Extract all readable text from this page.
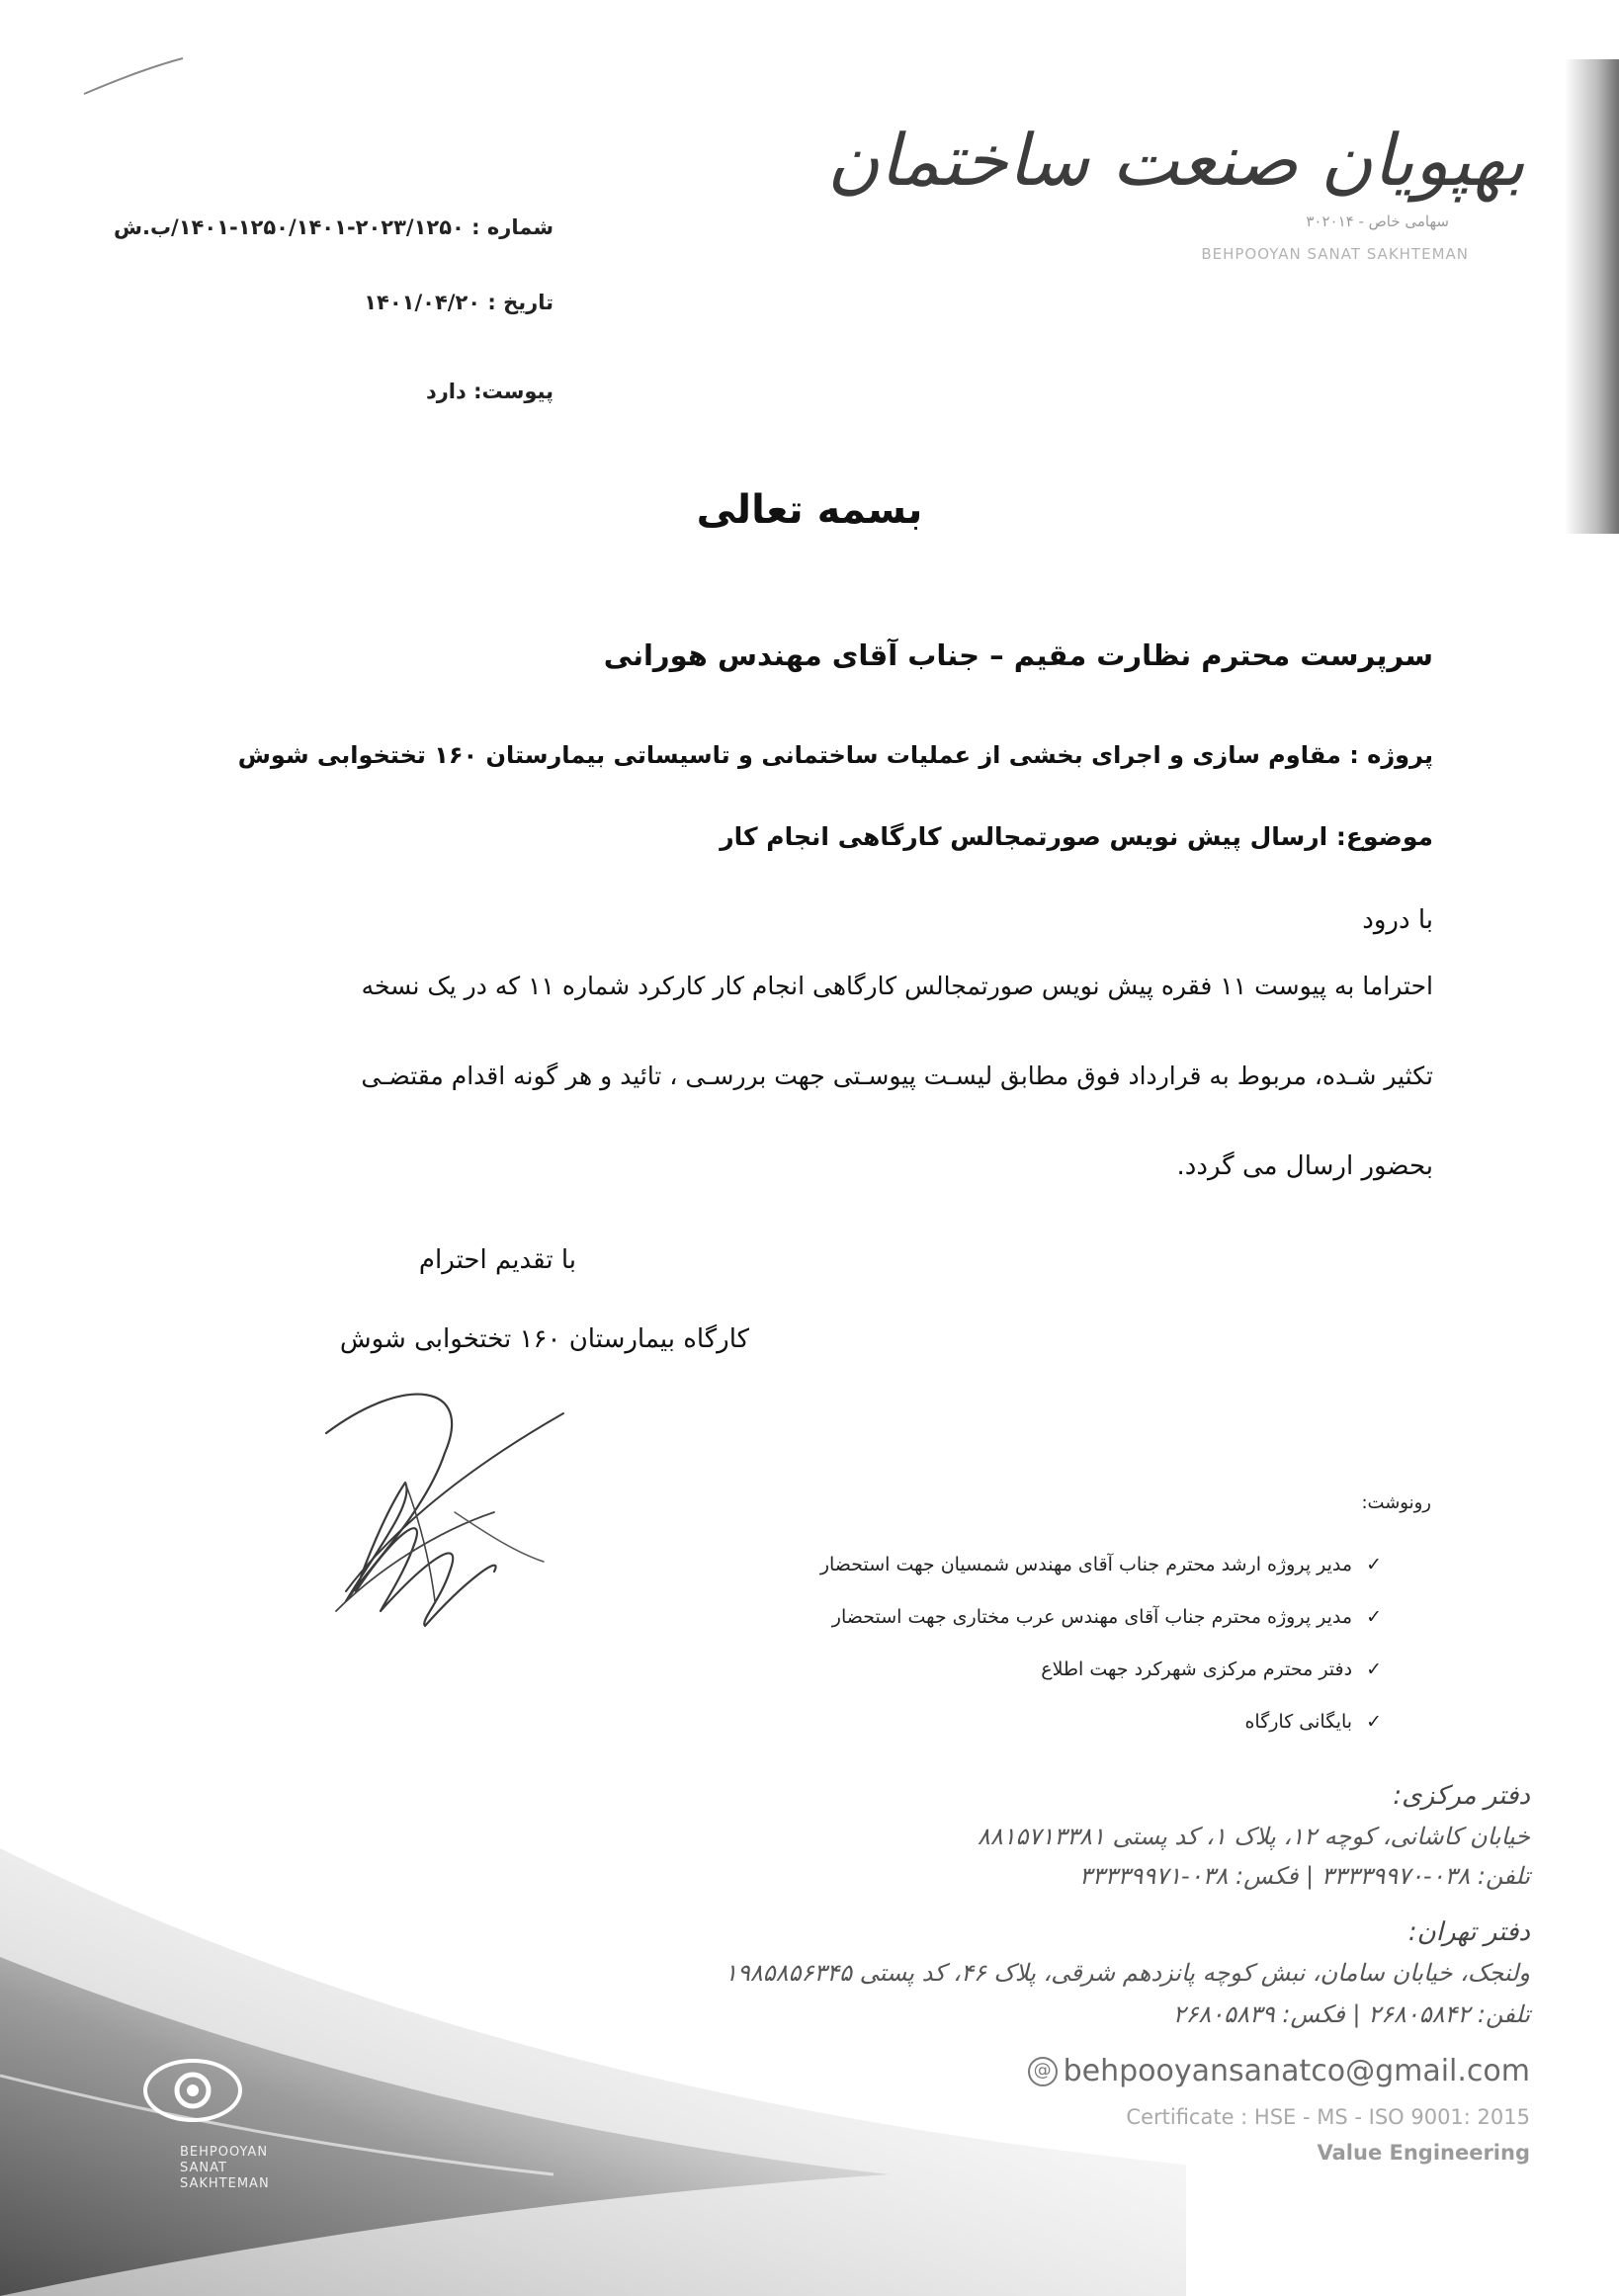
بهپویان صنعت ساختمان
سهامی خاص - ۳۰۲۰۱۴
BEHPOOYAN SANAT SAKHTEMAN
شماره : ۲۰۲۳/۱۲۵۰-۱۲۵۰/۱۴۰۱-۱۴۰۱/ب.ش
تاریخ : ۱۴۰۱/۰۴/۲۰
پیوست: دارد
بسمه تعالی
سرپرست محترم نظارت مقیم – جناب آقای مهندس هورانی
پروژه : مقاوم سازی و اجرای بخشی از عملیات ساختمانی و تاسیساتی بیمارستان ۱۶۰ تختخوابی شوش
موضوع: ارسال پیش نویس صورتمجالس کارگاهی انجام کار
با درود
احتراما به پیوست ۱۱ فقره پیش نویس صورتمجالس کارگاهی انجام کار کارکرد شماره ۱۱ که در یک نسخه
تکثیر شـده، مربوط به قرارداد فوق مطابق لیسـت پیوسـتی جهت بررسـی ، تائید و هر گونه اقدام مقتضـی
بحضور ارسال می گردد.
با تقدیم احترام
کارگاه بیمارستان ۱۶۰ تختخوابی شوش
رونوشت:
✓مدیر پروژه ارشد محترم جناب آقای مهندس شمسیان جهت استحضار
✓مدیر پروژه محترم جناب آقای مهندس عرب مختاری جهت استحضار
✓دفتر محترم مرکزی شهرکرد جهت اطلاع
✓بایگانی کارگاه
BEHPOOYAN
SANAT
SAKHTEMAN
دفتر مرکزی:
خیابان کاشانی، کوچه ۱۲، پلاک ۱، کد پستی ۸۸۱۵۷۱۳۳۸۱
تلفن: ۰۳۸-۳۳۳۳۹۹۷۰ | فکس: ۰۳۸-۳۳۳۳۹۹۷۱
دفتر تهران:
ولنجک، خیابان سامان، نبش کوچه پانزدهم شرقی، پلاک ۴۶، کد پستی ۱۹۸۵۸۵۶۳۴۵
تلفن: ۲۶۸۰۵۸۴۲ | فکس: ۲۶۸۰۵۸۳۹
@ behpooyansanatco@gmail.com
Certificate : HSE - MS - ISO 9001: 2015
Value Engineering
